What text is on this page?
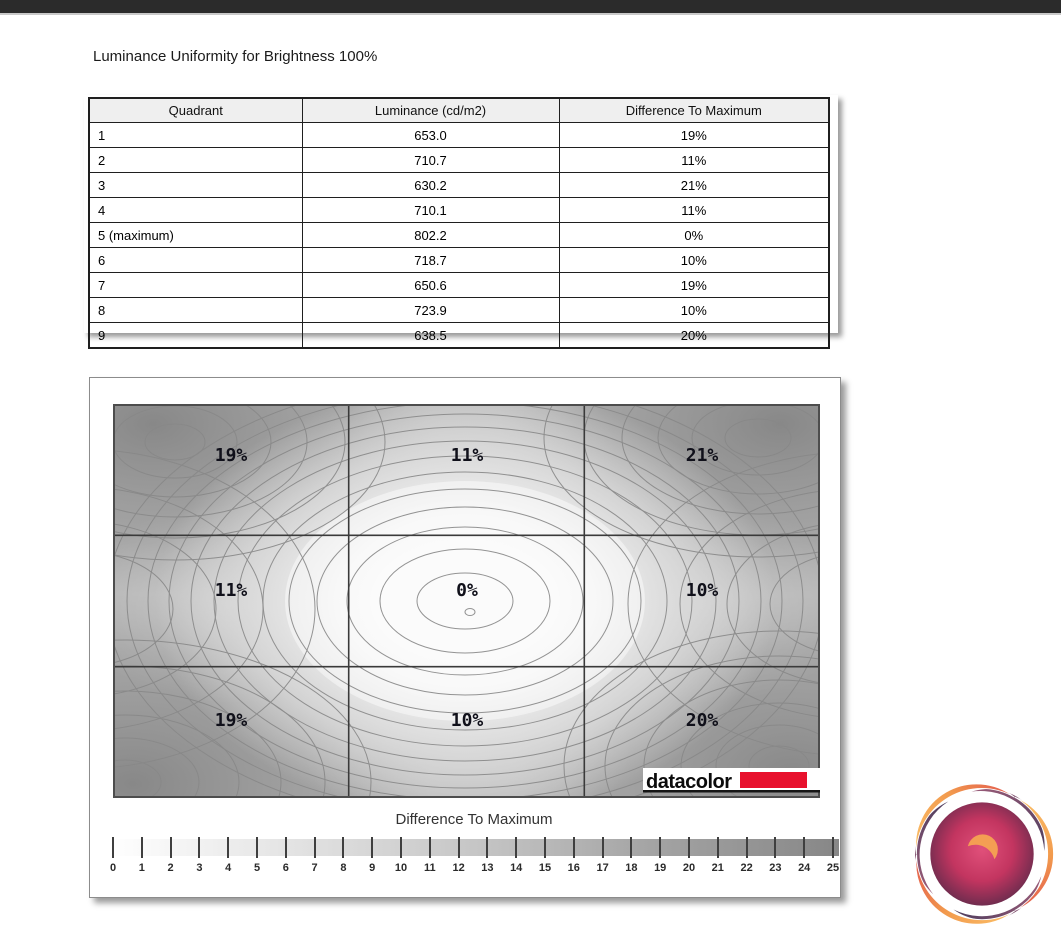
Luminance Uniformity for Brightness 100%
Quadrant	Luminance (cd/m2)	Difference To Maximum
1	653.0	19%
2	710.7	11%
3	630.2	21%
4	710.1	11%
5 (maximum)	802.2	0%
6	718.7	10%
7	650.6	19%
8	723.9	10%
9	638.5	20%
19%	11%	21%
11%	0%	10%
19%	10%	20%
datacolor
Difference To Maximum
0 1 2 3 4 5 6 7 8 9 10 11 12 13 14 15 16 17 18 19 20 21 22 23 24 25
